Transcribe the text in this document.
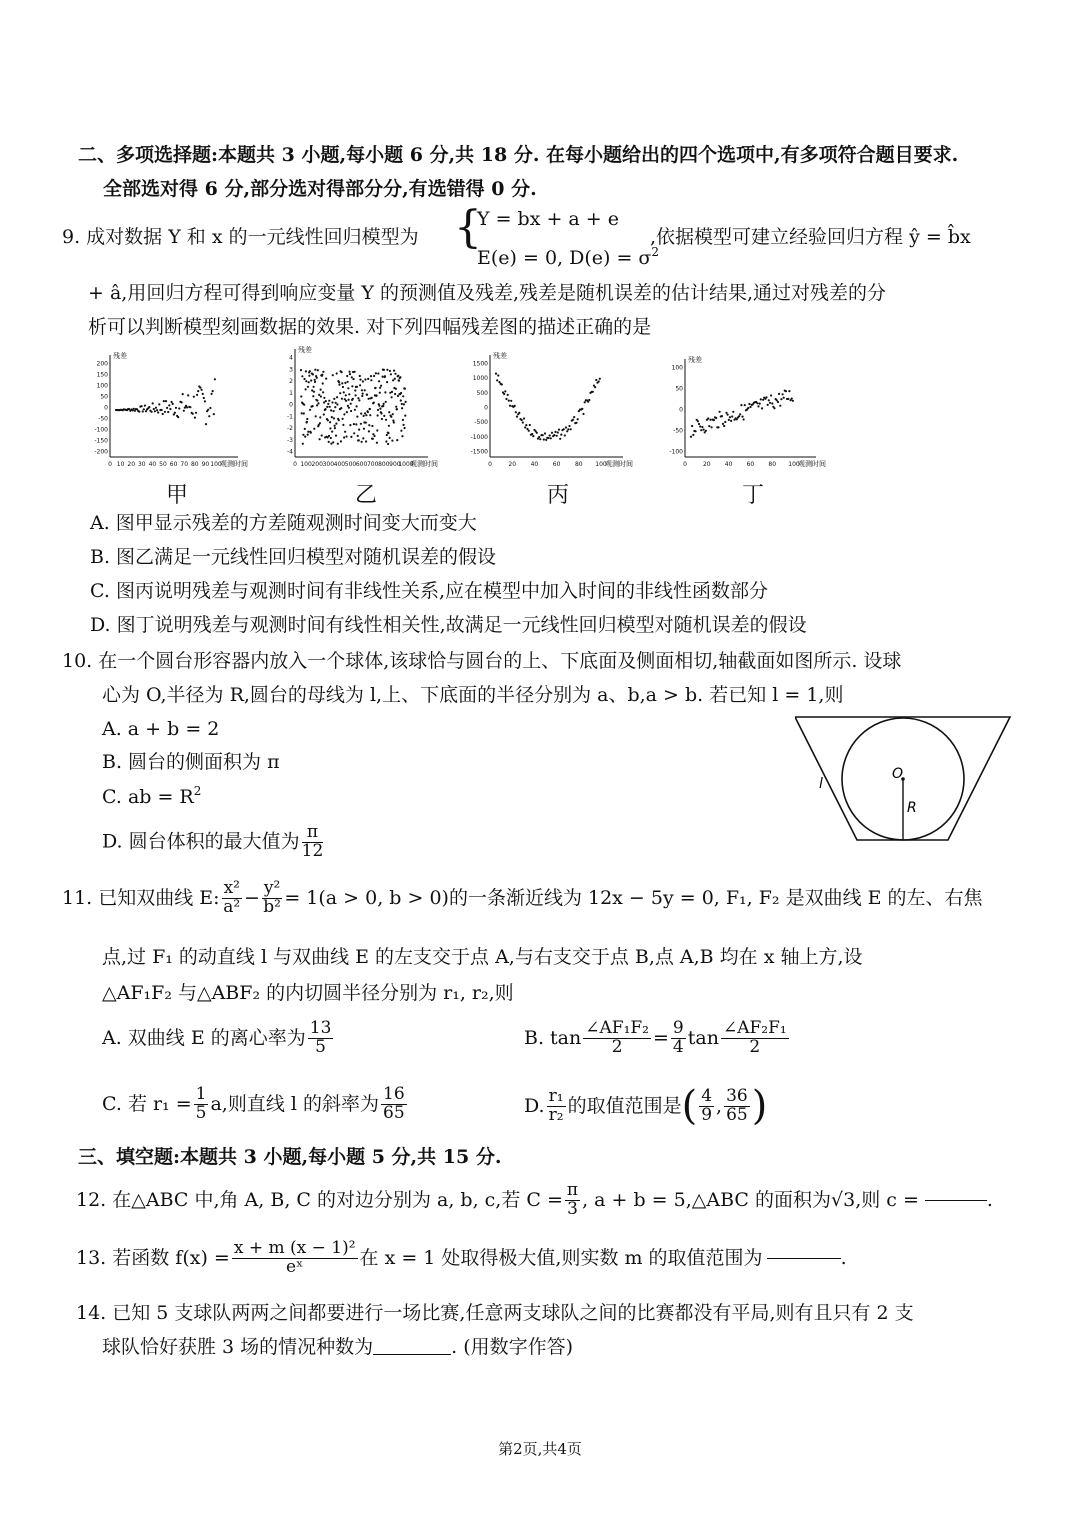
二、多项选择题:本题共 3 小题,每小题 6 分,共 18 分. 在每小题给出的四个选项中,有多项符合题目要求.
全部选对得 6 分,部分选对得部分分,有选错得 0 分.
9. 成对数据 Y 和 x 的一元线性回归模型为 {
Y = bx + a + e
E(e) = 0, $D(e) = \sigma^2$
,依据模型可建立经验回归方程 ŷ = b̂x
+ â,用回归方程可得到响应变量 Y 的预测值及残差,残差是随机误差的估计结果,通过对残差的分
析可以判断模型刻画数据的效果. 对下列四幅残差图的描述正确的是
200
150
100
50
0
-50
-100
-150
-200
0 10 20 30 40 50 60 70 80 90 100
残差
观测时间
4
3
2
1
0
-1
-2
-3
-4
0 100 200 300 400 500 600 700 800 900
1000
残差
观测时间
1500
1000
500
0
-500
-1000
-1500
0	20 40 60 80 100
残差
观测时间
100
50
0
-50
-100
0	20 40 60 80 100
残差
观测时间
甲	乙	丙	丁
A. 图甲显示残差的方差随观测时间变大而变大
B. 图乙满足一元线性回归模型对随机误差的假设
C. 图丙说明残差与观测时间有非线性关系,应在模型中加入时间的非线性函数部分
D. 图丁说明残差与观测时间有线性相关性,故满足一元线性回归模型对随机误差的假设
10. 在一个圆台形容器内放入一个球体,该球恰与圆台的上、下底面及侧面相切,轴截面如图所示. 设球
心为 O,半径为 R,圆台的母线为 l,上、下底面的半径分别为 a、b,a > b. 若已知 l = 1,则
A. a + b = 2
B. 圆台的侧面积为 π
C. ab = $R^2$
D. 圆台体积的最大值为 $\frac{\pi}{12}$
l
O
R
11. 已知双曲线 E: $\frac{\text{x²}}{\text{a²}} - \frac{\text{y²}}{\text{b²}} = 1(a > 0$, b > 0)的一条渐近线为 12x − 5y = 0, F₁, F₂ 是双曲线 E 的左、右焦
点,过 F₁ 的动直线 l 与双曲线 E 的左支交于点 A,与右支交于点 B,点 A,B 均在 x 轴上方,设
△AF₁F₂ 与△ABF₂ 的内切圆半径分别为 r₁, r₂,则
A. 双曲线 E 的离心率为 $\frac{13}{5}$	B. $\tan \frac{\text{∠AF₁F₂}}{2} = \frac{9}{4}$ $\tan \frac{\text{∠AF₂F₁}}{2}$
C. 若 $r_1 = \frac{1}{5} a$,则直线 l 的斜率为 $\frac{16}{65}$	D. $\frac{\text{r₁}}{\text{r₂}}$ 的取值范围是 ( $\frac{4}{9}$ , $\frac{36}{65}$ )
三、填空题:本题共 3 小题,每小题 5 分,共 15 分.
12. 在△ABC 中,角 A, B, C 的对边分别为 a, b, c,若 $C = \frac{\pi}{3}$ , a + b = 5,△ABC 的面积为√3,则 c =	.
13. 若函数 $f(x) = \frac{\text{x + m (x − 1)²}}{\text{eˣ}}$ 在 x = 1 处取得极大值,则实数 m 的取值范围为	.
14. 已知 5 支球队两两之间都要进行一场比赛,任意两支球队之间的比赛都没有平局,则有且只有 2 支
球队恰好获胜 3 场的情况种数为	. (用数字作答)
第2页,共4页
